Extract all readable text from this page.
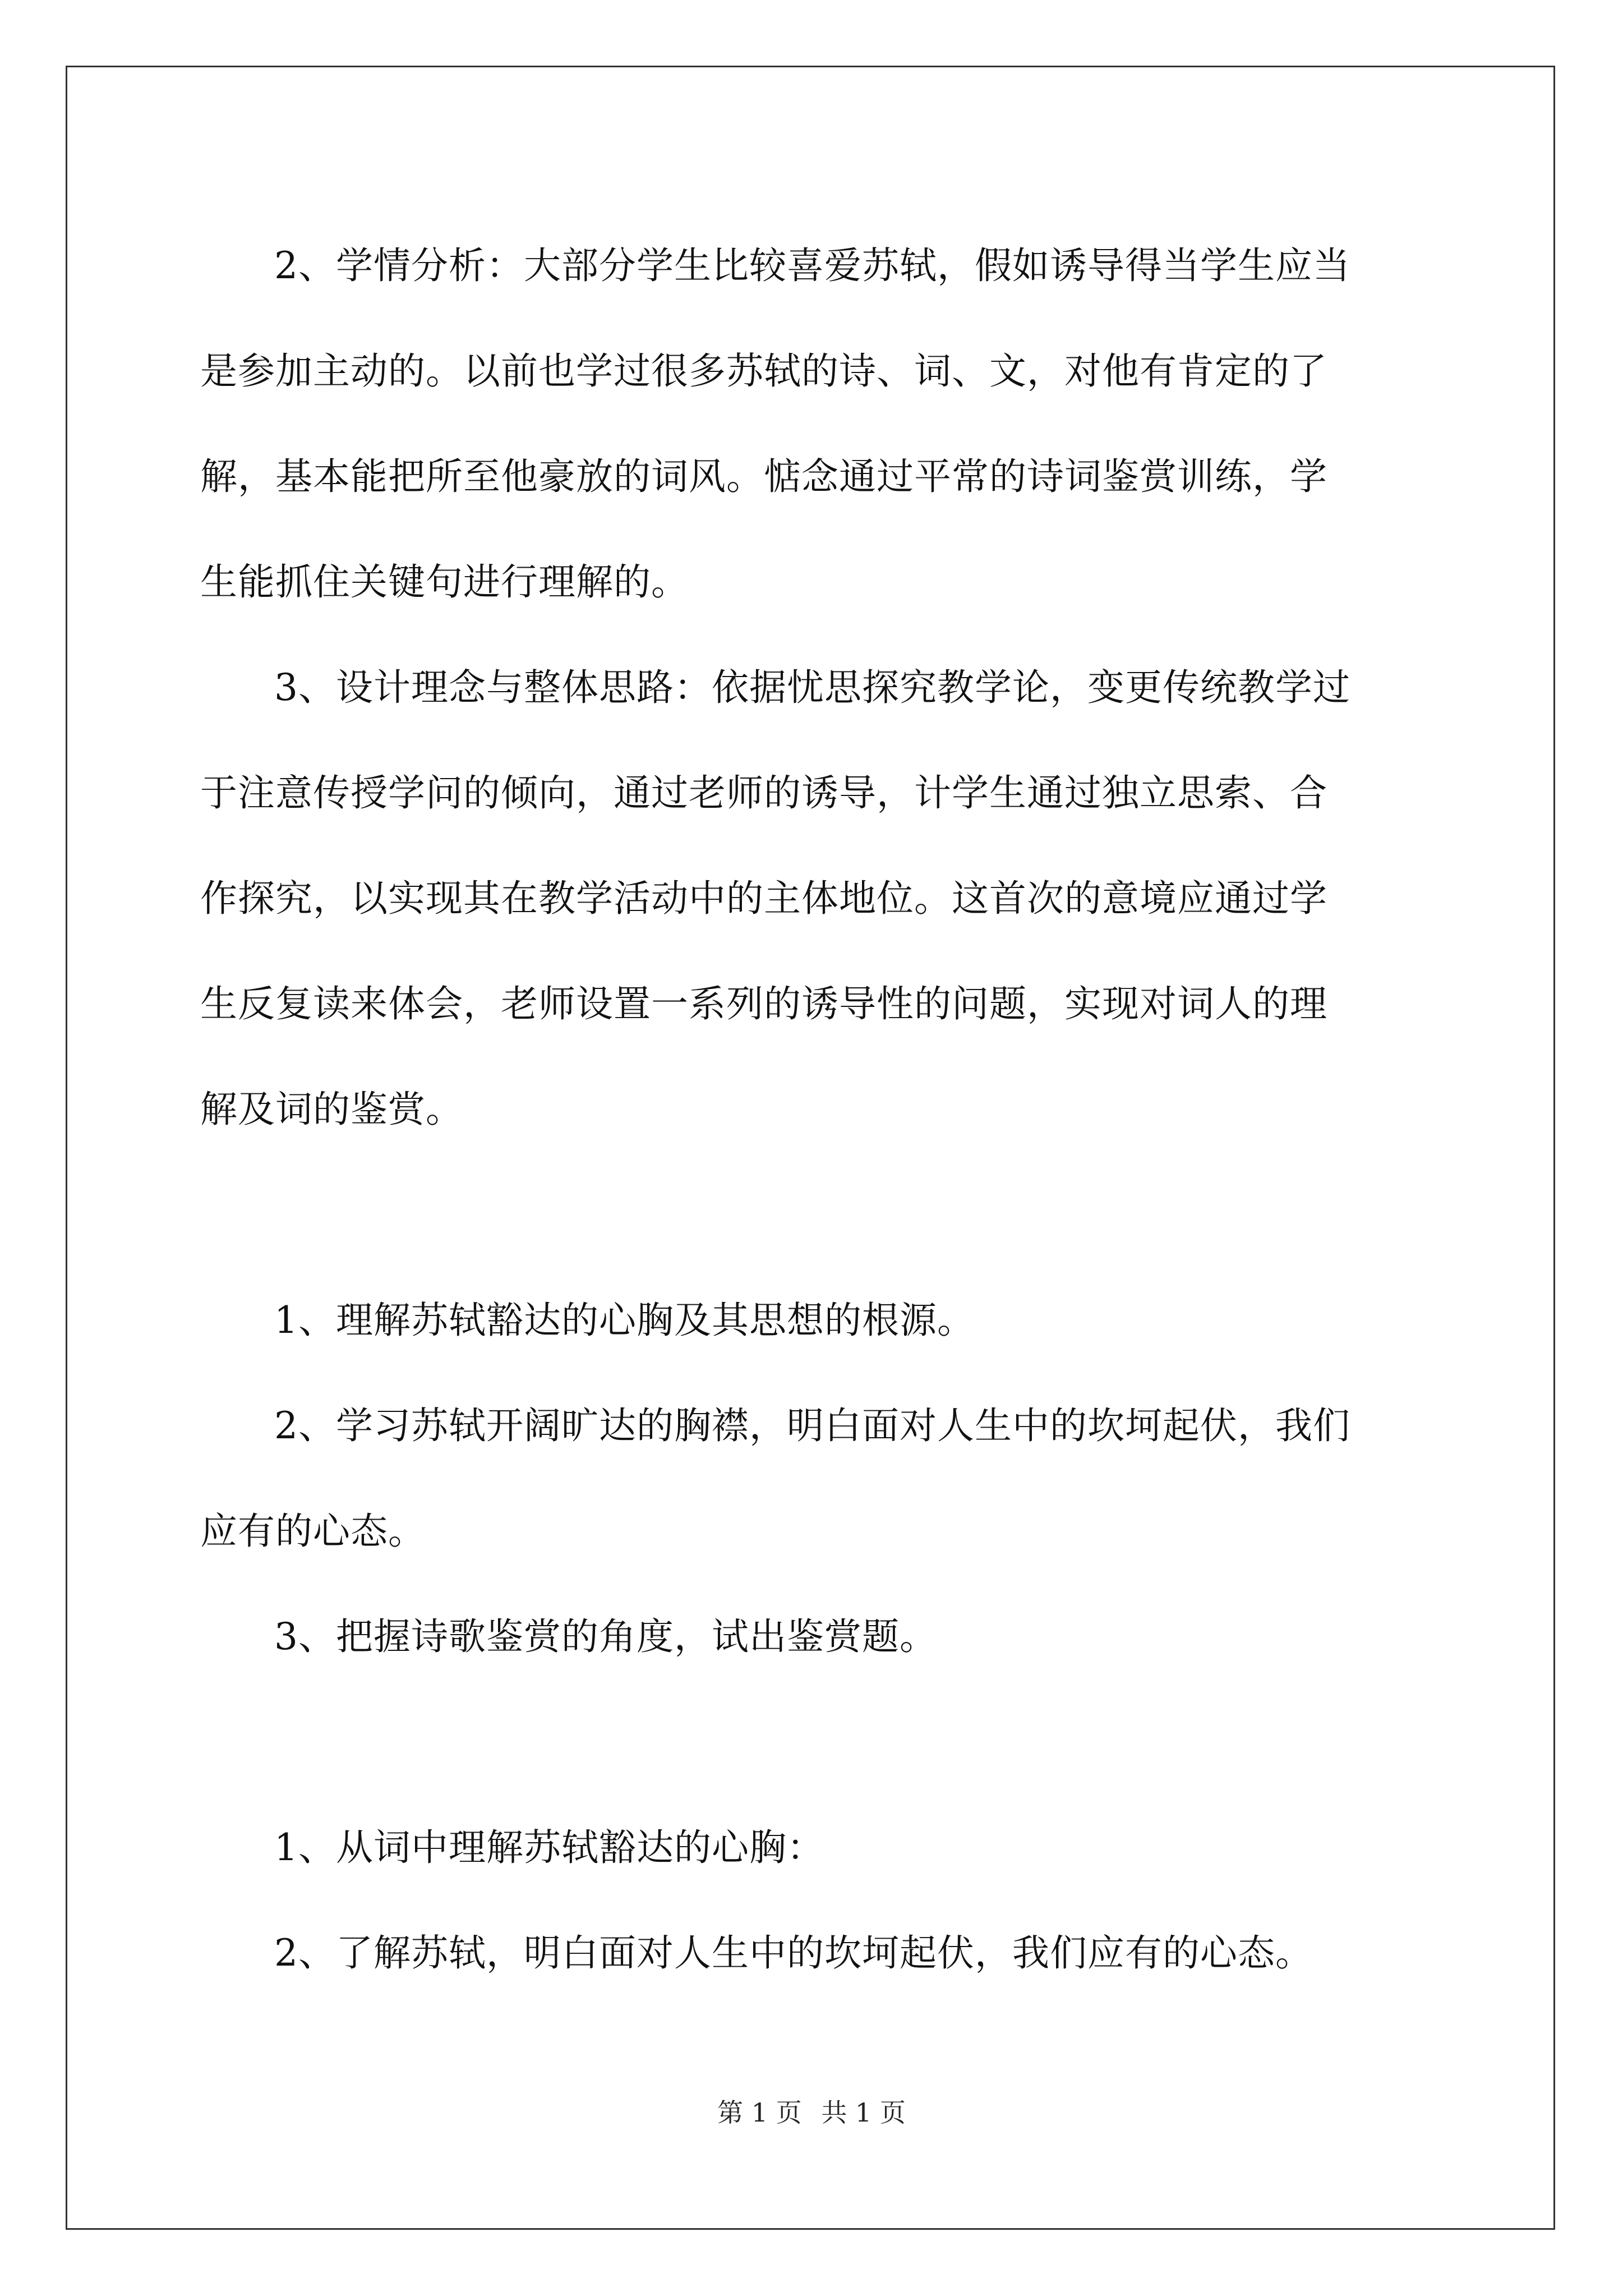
2、学情分析：大部分学生比较喜爱苏轼，假如诱导得当学生应当

是参加主动的。以前也学过很多苏轼的诗、词、文，对他有肯定的了

解，基本能把所至他豪放的词风。惦念通过平常的诗词鉴赏训练，学

生能抓住关键句进行理解的。

3、设计理念与整体思路：依据忧思探究教学论，变更传统教学过

于注意传授学问的倾向，通过老师的诱导，计学生通过独立思索、合

作探究，以实现其在教学活动中的主体地位。这首次的意境应通过学

生反复读来体会，老师设置一系列的诱导性的问题，实现对词人的理

解及词的鉴赏。

1、理解苏轼豁达的心胸及其思想的根源。

2、学习苏轼开阔旷达的胸襟，明白面对人生中的坎坷起伏，我们

应有的心态。

3、把握诗歌鉴赏的角度，试出鉴赏题。

1、从词中理解苏轼豁达的心胸：

2、了解苏轼，明白面对人生中的坎坷起伏，我们应有的心态。

第 1 页 共 1 页
